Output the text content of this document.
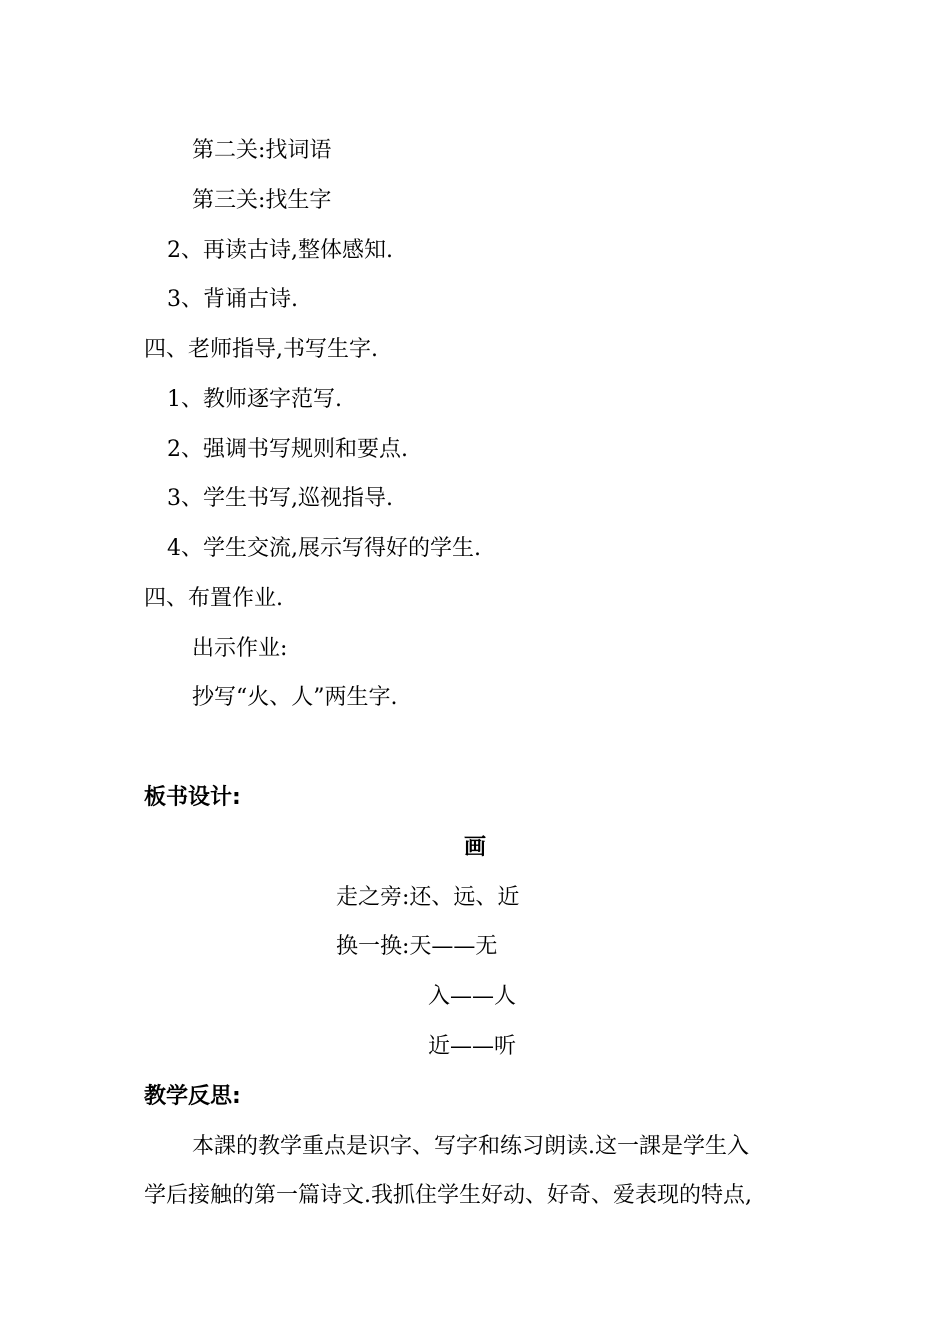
第二关:找词语
第三关:找生字
2、再读古诗,整体感知.
3、背诵古诗.
四、老师指导,书写生字.
1、教师逐字范写.
2、强调书写规则和要点.
3、学生书写,巡视指导.
4、学生交流,展示写得好的学生.
四、布置作业.
出示作业:
抄写“火、人”两生字.
板书设计:
画
走之旁:还、远、近
换一换:天——无
入——人
近——听
教学反思:
本課的教学重点是识字、写字和练习朗读.这一課是学生入
学后接触的第一篇诗文.我抓住学生好动、好奇、爱表现的特点,
